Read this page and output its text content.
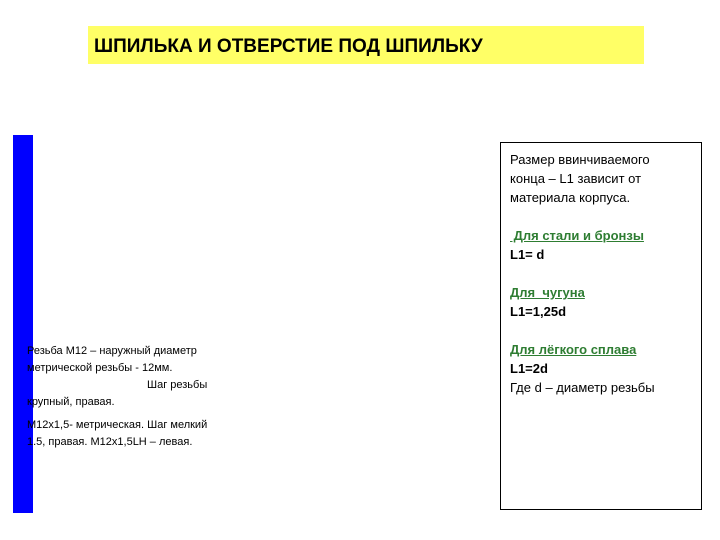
ШПИЛЬКА И ОТВЕРСТИЕ ПОД ШПИЛЬКУ

Резьба М12 – наружный диаметр

метрической резьбы - 12мм.

Шаг резьбы

крупный, правая.

М12x1,5- метрическая. Шаг мелкий

1.5, правая. М12x1,5LH – левая.

Размер ввинчиваемого

конца – L1 зависит от

материала корпуса.

Для стали и бронзы

L1= d

Для  чугуна

L1=1,25d

Для лёгкого сплава

L1=2d

Где d – диаметр резьбы
